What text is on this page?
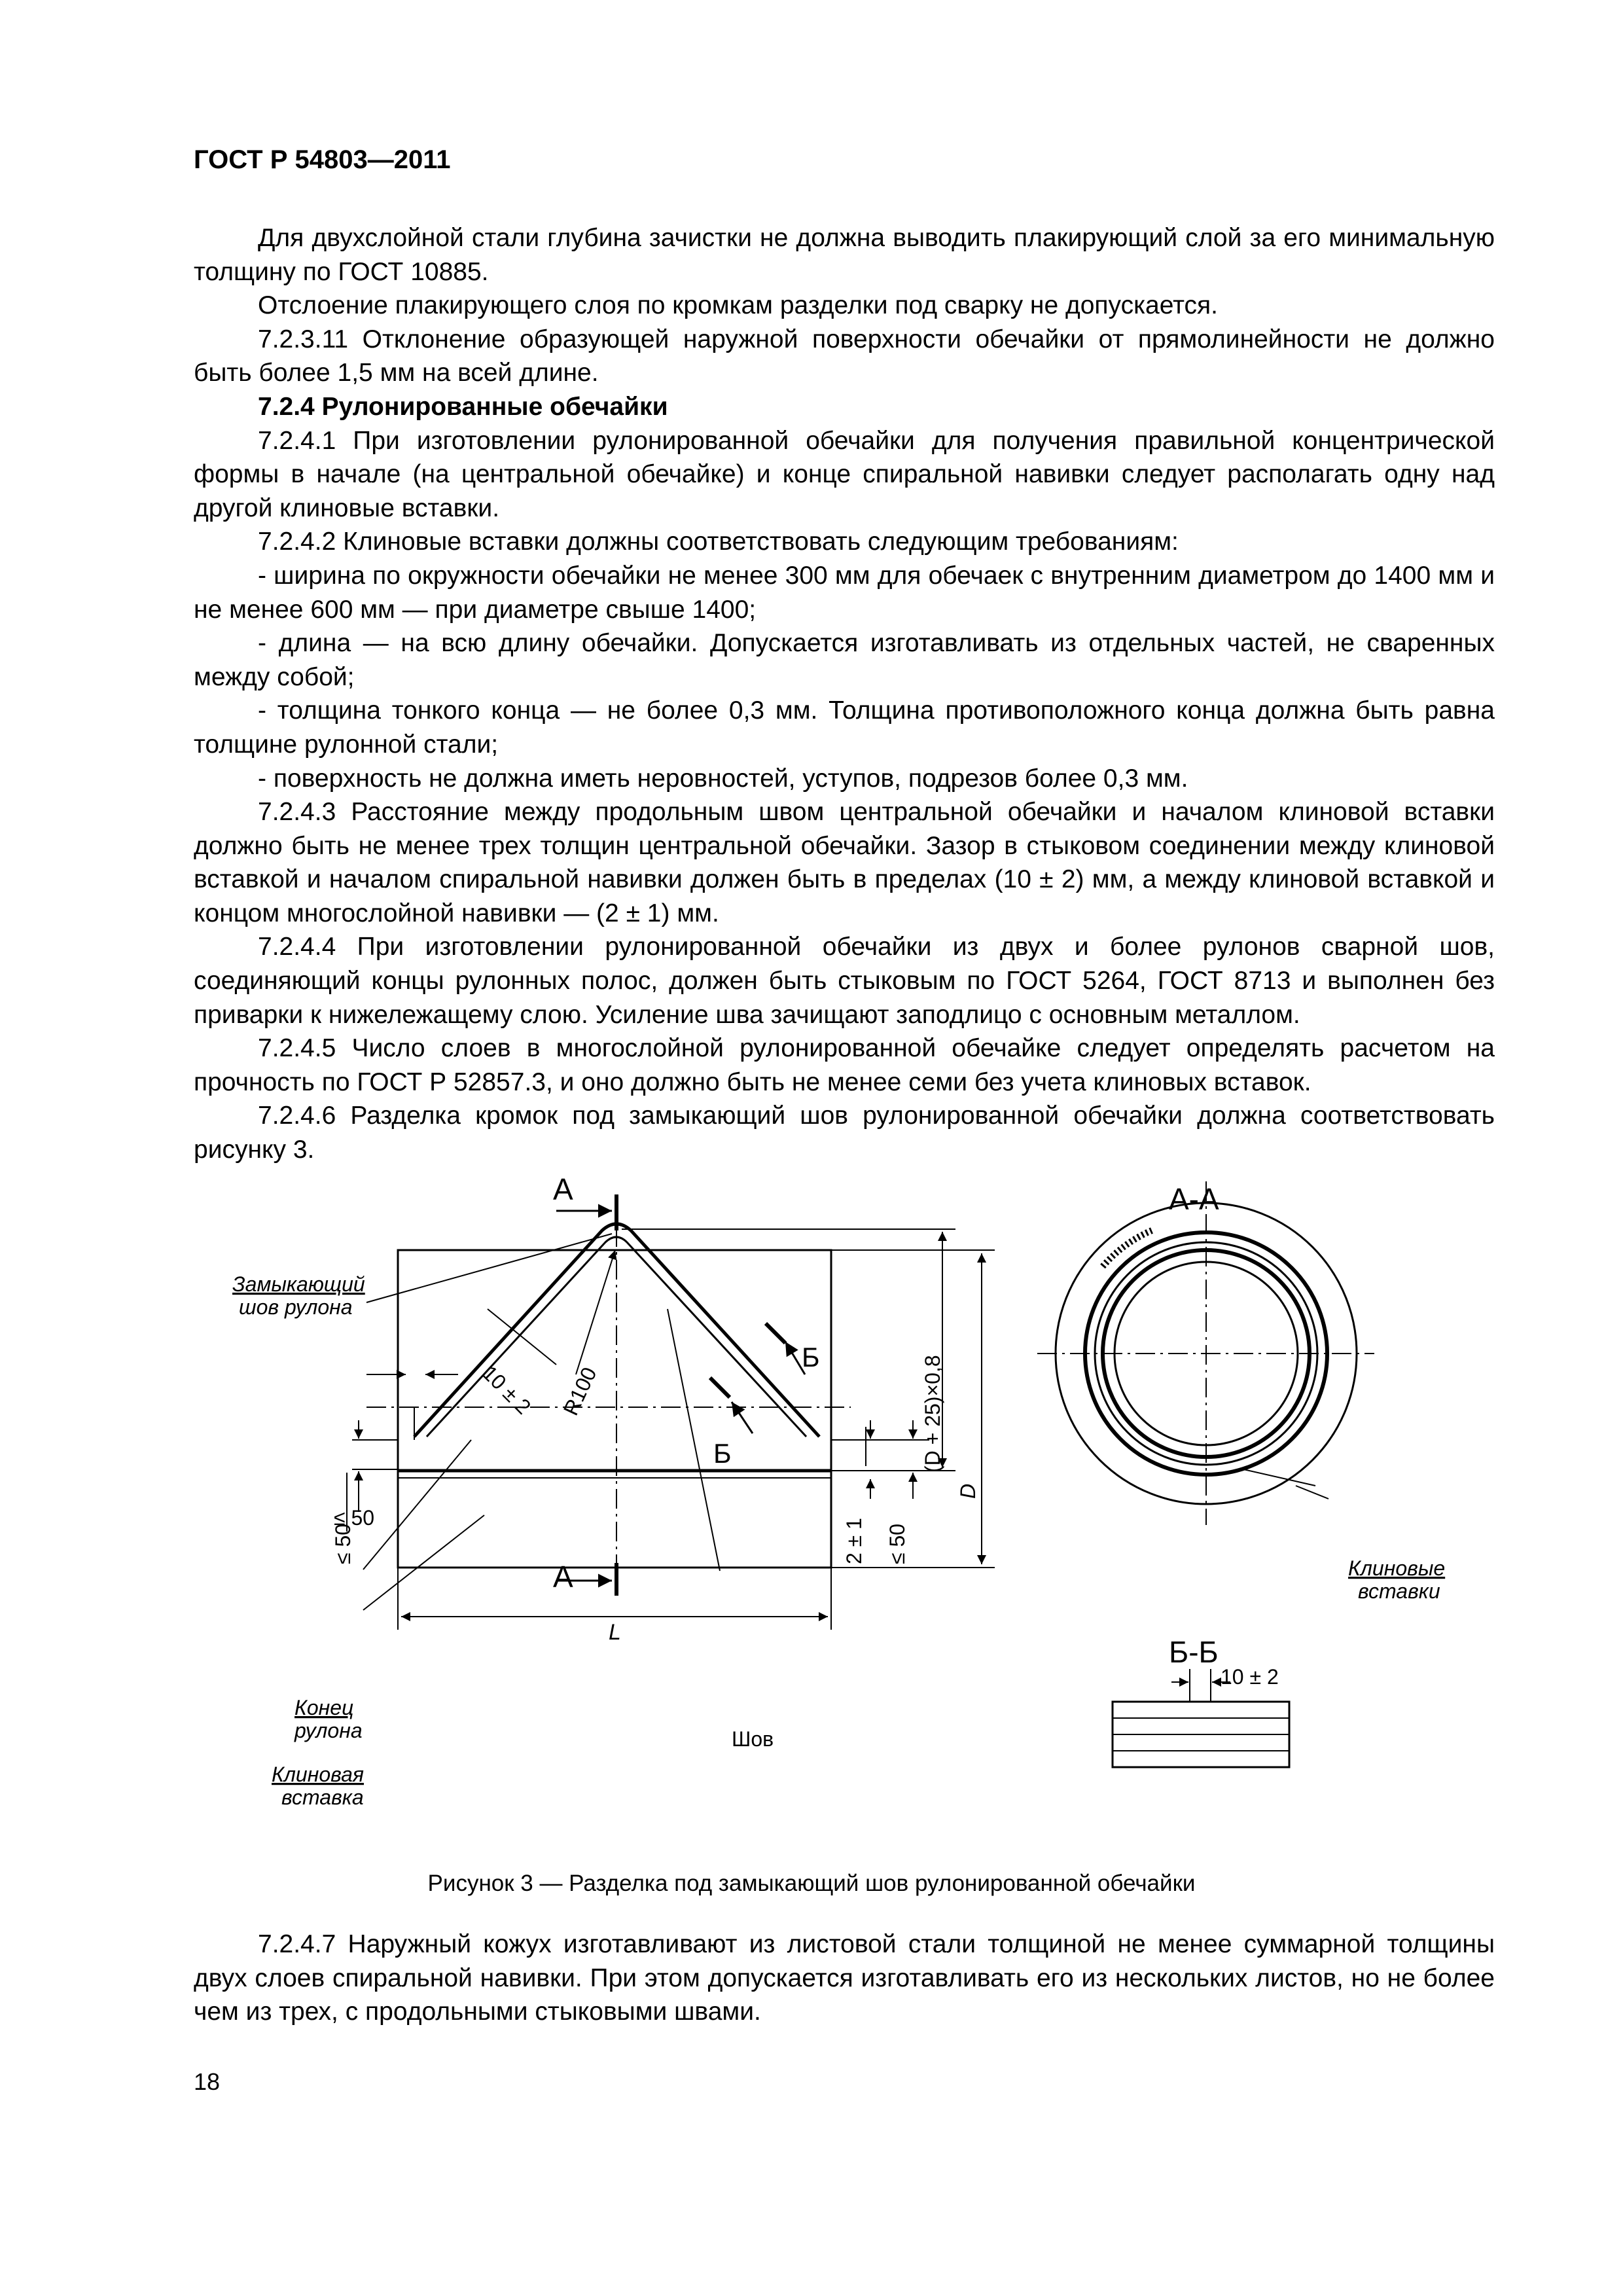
ГОСТ Р 54803—2011

Для двухслойной стали глубина зачистки не должна выводить плакирующий слой за его минимальную толщину по ГОСТ 10885.

Отслоение плакирующего слоя по кромкам разделки под сварку не допускается.

7.2.3.11 Отклонение образующей наружной поверхности обечайки от прямолинейности не должно быть более 1,5 мм на всей длине.

7.2.4 Рулонированные обечайки

7.2.4.1 При изготовлении рулонированной обечайки для получения правильной концентрической формы в начале (на центральной обечайке) и конце спиральной навивки следует располагать одну над другой клиновые вставки.

7.2.4.2 Клиновые вставки должны соответствовать следующим требованиям:

- ширина по окружности обечайки не менее 300 мм для обечаек с внутренним диаметром до 1400 мм и не менее 600 мм — при диаметре свыше 1400;

- длина — на всю длину обечайки. Допускается изготавливать из отдельных частей, не сваренных между собой;

- толщина тонкого конца — не более 0,3 мм. Толщина противоположного конца должна быть равна толщине рулонной стали;

- поверхность не должна иметь неровностей, уступов, подрезов более 0,3 мм.

7.2.4.3 Расстояние между продольным швом центральной обечайки и началом клиновой вставки должно быть не менее трех толщин центральной обечайки. Зазор в стыковом соединении между клиновой вставкой и началом спиральной навивки должен быть в пределах (10 ± 2) мм, а между клиновой вставкой и концом многослойной навивки — (2 ± 1) мм.

7.2.4.4 При изготовлении рулонированной обечайки из двух и более рулонов сварной шов, соединяющий концы рулонных полос, должен быть стыковым по ГОСТ 5264, ГОСТ 8713 и выполнен без приварки к нижележащему слою. Усиление шва зачищают заподлицо с основным металлом.

7.2.4.5 Число слоев в многослойной рулонированной обечайке следует определять расчетом на прочность по ГОСТ Р 52857.3, и оно должно быть не менее семи без учета клиновых вставок.

7.2.4.6 Разделка кромок под замыкающий шов рулонированной обечайки должна соответствовать рисунку 3.

А
А
А-А
Б-Б
Б
Б
Замыкающий
шов рулона
Конец
рулона
Клиновая
вставка
Шов
Клиновые
вставки
10 ± 2 R100
≤ 50
(D + 25)×0,8
D
2 ± 1 ≤ 50
≤ 50
L
10 ± 2
Рисунок 3 — Разделка под замыкающий шов рулонированной обечайки

7.2.4.7 Наружный кожух изготавливают из листовой стали толщиной не менее суммарной толщины двух слоев спиральной навивки. При этом допускается изготавливать его из нескольких листов, но не более чем из трех, с продольными стыковыми швами.

18
